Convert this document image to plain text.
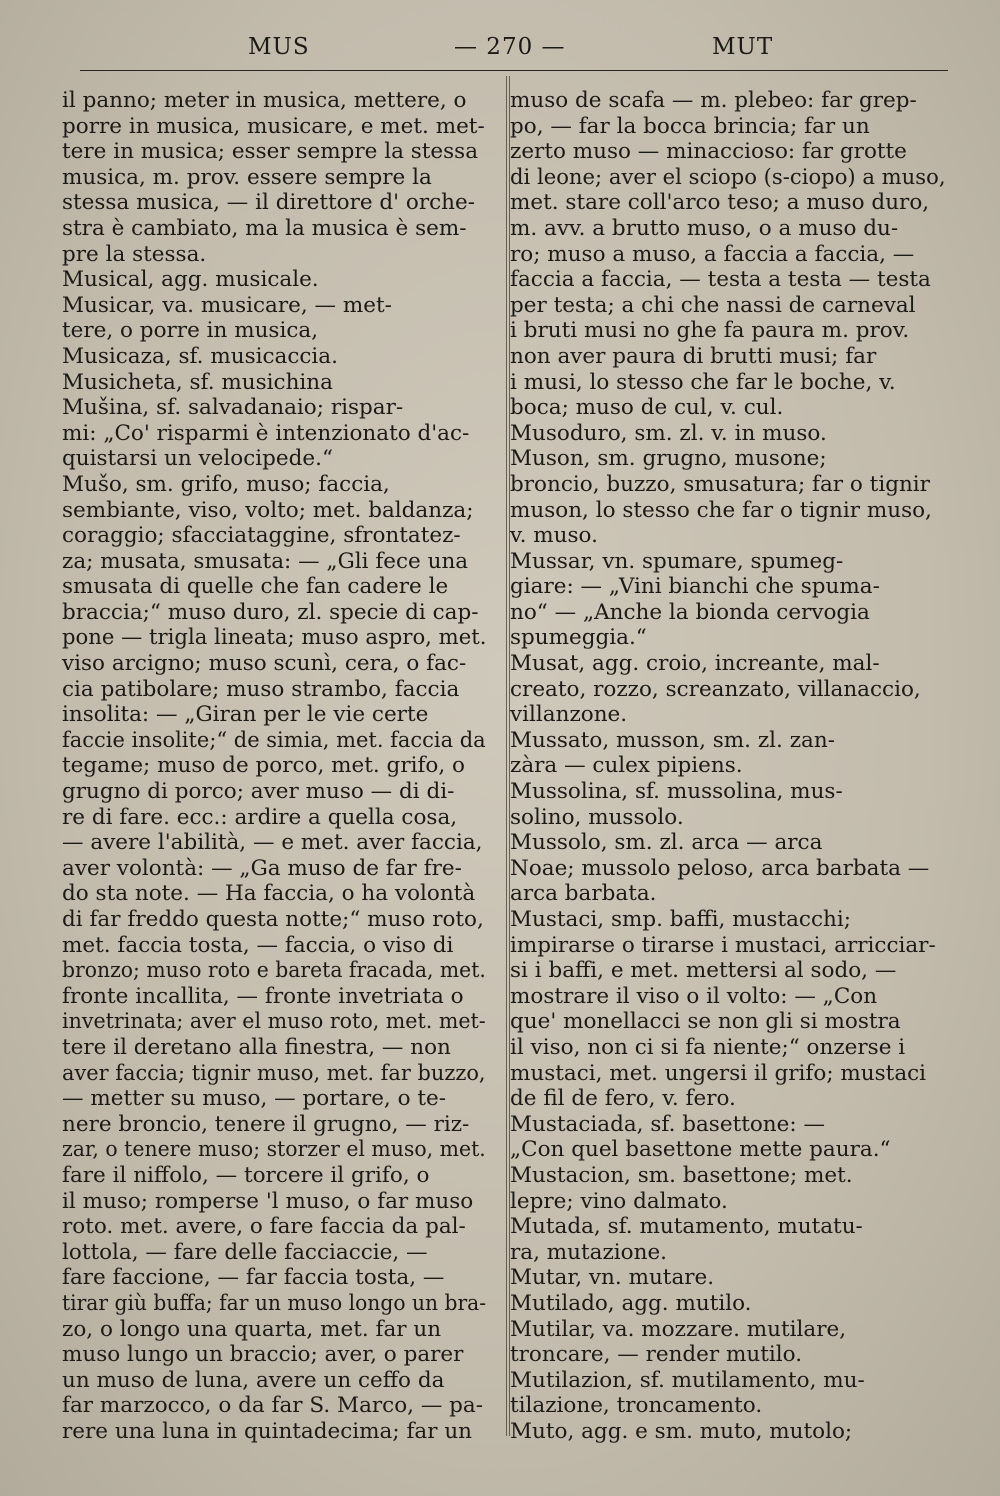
MUS	— 270 —	MUT
il panno; meter in musica, mettere, o
porre in musica, musicare, e met. met-
tere in musica; esser sempre la stessa
musica, m. prov. essere sempre la
stessa musica, — il direttore d' orche-
stra è cambiato, ma la musica è sem-
pre la stessa.
Musical, agg. musicale.
Musicar, va. musicare, — met-
tere, o porre in musica,
Musicaza, sf. musicaccia.
Musicheta, sf. musichina
Mušina, sf. salvadanaio; rispar-
mi: „Co' risparmi è intenzionato d'ac-
quistarsi un velocipede.“
Mušo, sm. grifo, muso; faccia,
sembiante, viso, volto; met. baldanza;
coraggio; sfacciataggine, sfrontatez-
za; musata, smusata: — „Gli fece una
smusata di quelle che fan cadere le
braccia;“ muso duro, zl. specie di cap-
pone — trigla lineata; muso aspro, met.
viso arcigno; muso scunì, cera, o fac-
cia patibolare; muso strambo, faccia
insolita: — „Giran per le vie certe
faccie insolite;“ de simia, met. faccia da
tegame; muso de porco, met. grifo, o
grugno di porco; aver muso — di di-
re di fare. ecc.: ardire a quella cosa,
— avere l'abilità, — e met. aver faccia,
aver volontà: — „Ga muso de far fre-
do sta note. — Ha faccia, o ha volontà
di far freddo questa notte;“ muso roto,
met. faccia tosta, — faccia, o viso di
bronzo; muso roto e bareta fracada, met.
fronte incallita, — fronte invetriata o
invetrinata; aver el muso roto, met. met-
tere il deretano alla finestra, — non
aver faccia; tignir muso, met. far buzzo,
— metter su muso, — portare, o te-
nere broncio, tenere il grugno, — riz-
zar, o tenere muso; storzer el muso, met.
fare il niffolo, — torcere il grifo, o
il muso; romperse 'l muso, o far muso
roto. met. avere, o fare faccia da pal-
lottola, — fare delle facciaccie, —
fare faccione, — far faccia tosta, —
tirar giù buffa; far un muso longo un bra-
zo, o longo una quarta, met. far un
muso lungo un braccio; aver, o parer
un muso de luna, avere un ceffo da
far marzocco, o da far S. Marco, — pa-
rere una luna in quintadecima; far un
muso de scafa — m. plebeo: far grep-
po, — far la bocca brincia; far un
zerto muso — minaccioso: far grotte
di leone; aver el sciopo (s-ciopo) a muso,
met. stare coll'arco teso; a muso duro,
m. avv. a brutto muso, o a muso du-
ro; muso a muso, a faccia a faccia, —
faccia a faccia, — testa a testa — testa
per testa; a chi che nassi de carneval
i bruti musi no ghe fa paura m. prov.
non aver paura di brutti musi; far
i musi, lo stesso che far le boche, v.
boca; muso de cul, v. cul.
Musoduro, sm. zl. v. in muso.
Muson, sm. grugno, musone;
broncio, buzzo, smusatura; far o tignir
muson, lo stesso che far o tignir muso,
v. muso.
Mussar, vn. spumare, spumeg-
giare: — „Vini bianchi che spuma-
no“ — „Anche la bionda cervogia
spumeggia.“
Musat, agg. croio, increante, mal-
creato, rozzo, screanzato, villanaccio,
villanzone.
Mussato, musson, sm. zl. zan-
zàra — culex pipiens.
Mussolina, sf. mussolina, mus-
solino, mussolo.
Mussolo, sm. zl. arca — arca
Noae; mussolo peloso, arca barbata —
arca barbata.
Mustaci, smp. baffi, mustacchi;
impirarse o tirarse i mustaci, arricciar-
si i baffi, e met. mettersi al sodo, —
mostrare il viso o il volto: — „Con
que' monellacci se non gli si mostra
il viso, non ci si fa niente;“ onzerse i
mustaci, met. ungersi il grifo; mustaci
de fil de fero, v. fero.
Mustaciada, sf. basettone: —
„Con quel basettone mette paura.“
Mustacion, sm. basettone; met.
lepre; vino dalmato.
Mutada, sf. mutamento, mutatu-
ra, mutazione.
Mutar, vn. mutare.
Mutilado, agg. mutilo.
Mutilar, va. mozzare. mutilare,
troncare, — render mutilo.
Mutilazion, sf. mutilamento, mu-
tilazione, troncamento.
Muto, agg. e sm. muto, mutolo;
